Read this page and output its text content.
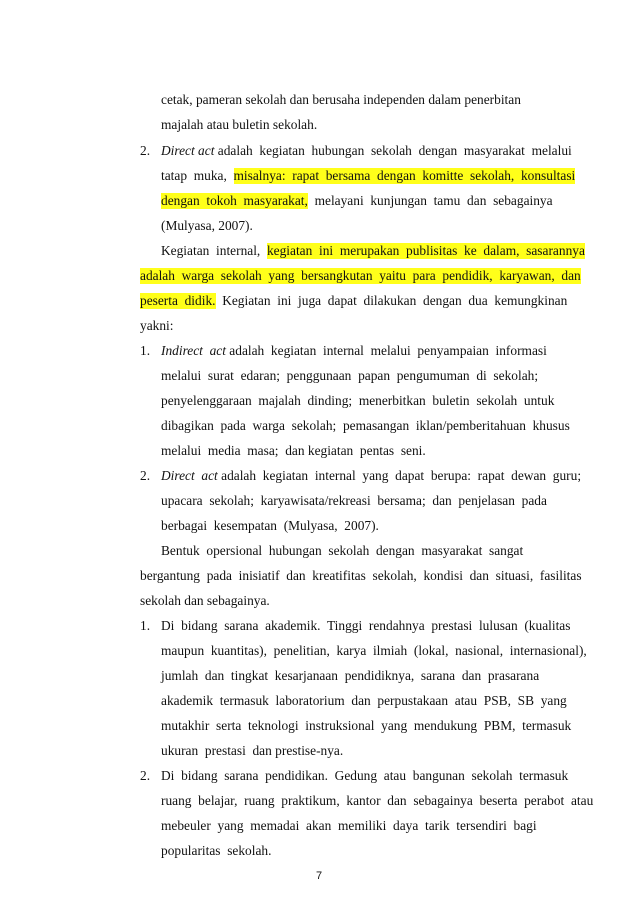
cetak, pameran sekolah dan berusaha independen dalam penerbitan
majalah atau buletin sekolah.
2. Direct act adalah  kegiatan  hubungan  sekolah  dengan  masyarakat  melalui
tatap  muka, misalnya:  rapat  bersama  dengan  komitte  sekolah,  konsultasi
dengan  tokoh  masyarakat, melayani  kunjungan  tamu  dan  sebagainya
(Mulyasa, 2007).
Kegiatan  internal, kegiatan  ini  merupakan  publisitas  ke  dalam,  sasarannya
adalah  warga  sekolah  yang  bersangkutan  yaitu  para  pendidik,  karyawan,  dan
peserta  didik. Kegiatan  ini  juga  dapat  dilakukan  dengan  dua  kemungkinan
yakni:
1. Indirect  act adalah  kegiatan  internal  melalui  penyampaian  informasi
melalui  surat  edaran;  penggunaan  papan  pengumuman  di  sekolah;
penyelenggaraan  majalah  dinding;  menerbitkan  buletin  sekolah  untuk
dibagikan  pada  warga  sekolah;  pemasangan  iklan/pemberitahuan  khusus
melalui  media  masa;  dan kegiatan  pentas  seni.
2. Direct  act adalah  kegiatan  internal  yang  dapat  berupa:  rapat  dewan  guru;
upacara  sekolah;  karyawisata/rekreasi  bersama;  dan  penjelasan  pada
berbagai  kesempatan  (Mulyasa,  2007).
Bentuk  opersional  hubungan  sekolah  dengan  masyarakat  sangat
bergantung  pada  inisiatif  dan  kreatifitas  sekolah,  kondisi  dan  situasi,  fasilitas
sekolah dan sebagainya.
1. Di  bidang  sarana  akademik.  Tinggi  rendahnya  prestasi  lulusan  (kualitas
maupun  kuantitas),  penelitian,  karya  ilmiah  (lokal,  nasional,  internasional),
jumlah  dan  tingkat  kesarjanaan  pendidiknya,  sarana  dan  prasarana
akademik  termasuk  laboratorium  dan  perpustakaan  atau  PSB,  SB  yang
mutakhir  serta  teknologi  instruksional  yang  mendukung  PBM,  termasuk
ukuran  prestasi  dan prestise-nya.
2. Di  bidang  sarana  pendidikan.  Gedung  atau  bangunan  sekolah  termasuk
ruang  belajar,  ruang  praktikum,  kantor  dan  sebagainya  beserta  perabot  atau
mebeuler  yang  memadai  akan  memiliki  daya  tarik  tersendiri  bagi
popularitas  sekolah.
7
